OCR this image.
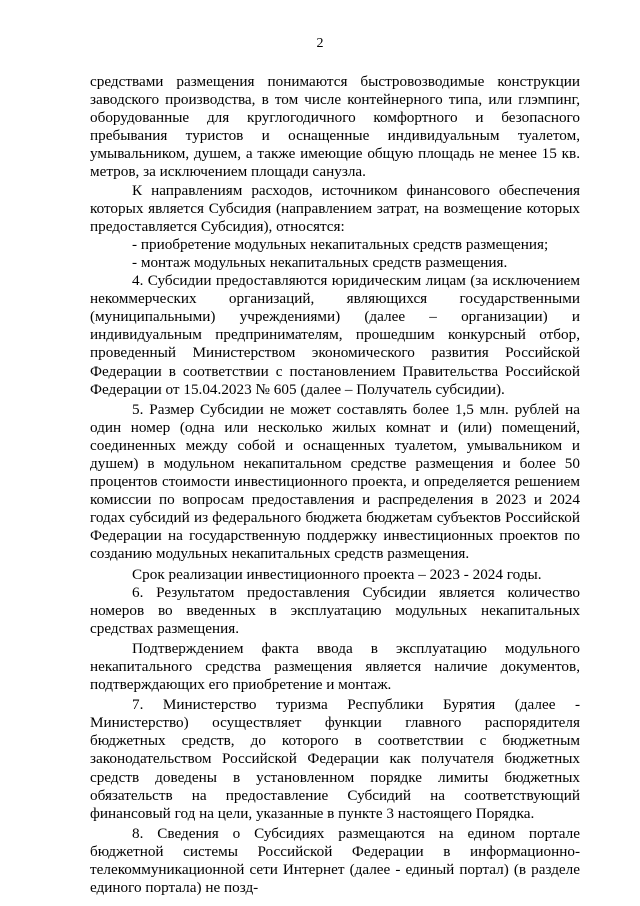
2

средствами размещения понимаются быстровозводимые конструкции заводского производства, в том числе контейнерного типа, или глэмпинг, оборудованные для круглогодичного комфортного и безопасного пребывания туристов и оснащенные индивидуальным туалетом, умывальником, душем, а также имеющие общую площадь не менее 15 кв. метров, за исключением площади санузла.

К направлениям расходов, источником финансового обеспечения которых является Субсидия (направлением затрат, на возмещение которых предоставляется Субсидия), относятся:

- приобретение модульных некапитальных средств размещения;

- монтаж модульных некапитальных средств размещения.

4. Субсидии предоставляются юридическим лицам (за исключением некоммерческих организаций, являющихся государственными (муниципальными) учреждениями) (далее – организации) и индивидуальным предпринимателям, прошедшим конкурсный отбор, проведенный Министерством экономического развития Российской Федерации в соответствии с постановлением Правительства Российской Федерации от 15.04.2023 № 605 (далее – Получатель субсидии).

5. Размер Субсидии не может составлять более 1,5 млн. рублей на один номер (одна или несколько жилых комнат и (или) помещений, соединенных между собой и оснащенных туалетом, умывальником и душем) в модульном некапитальном средстве размещения и более 50 процентов стоимости инвестиционного проекта, и определяется решением комиссии по вопросам предоставления и распределения в 2023 и 2024 годах субсидий из федерального бюджета бюджетам субъектов Российской Федерации на государственную поддержку инвестиционных проектов по созданию модульных некапитальных средств размещения.

Срок реализации инвестиционного проекта – 2023 - 2024 годы.

6. Результатом предоставления Субсидии является количество номеров во введенных в эксплуатацию модульных некапитальных средствах размещения.

Подтверждением факта ввода в эксплуатацию модульного некапитального средства размещения является наличие документов, подтверждающих его приобретение и монтаж.

7. Министерство туризма Республики Бурятия (далее - Министерство) осуществляет функции главного распорядителя бюджетных средств, до которого в соответствии с бюджетным законодательством Российской Федерации как получателя бюджетных средств доведены в установленном порядке лимиты бюджетных обязательств на предоставление Субсидий на соответствующий финансовый год на цели, указанные в пункте 3 настоящего Порядка.

8. Сведения о Субсидиях размещаются на едином портале бюджетной системы Российской Федерации в информационно-телекоммуникационной сети Интернет (далее - единый портал) (в разделе единого портала) не позд-
